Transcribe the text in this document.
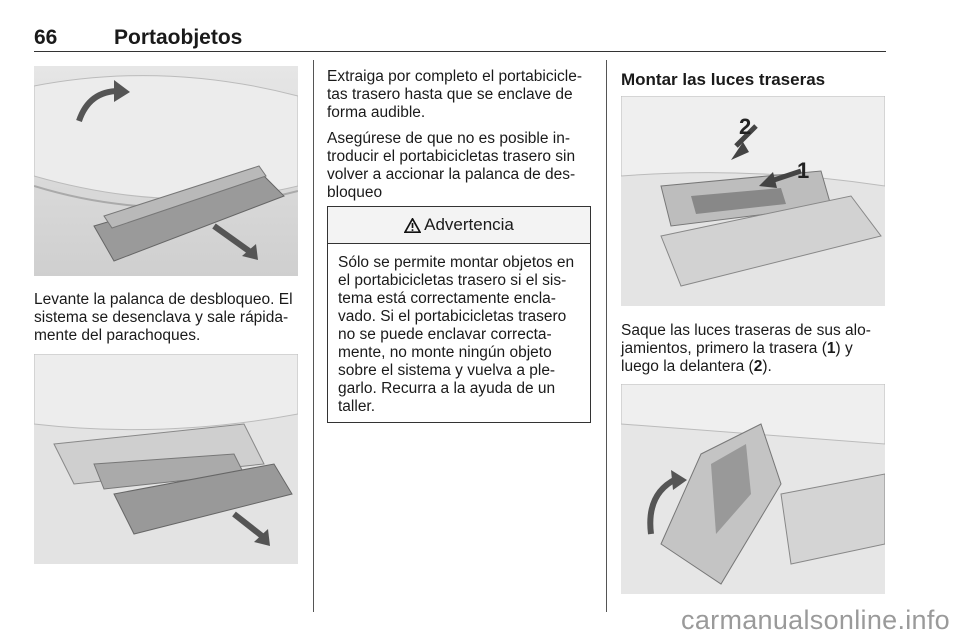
66	Portaobjetos

Levante la palanca de desbloqueo. El sistema se desenclava y sale rápida-mente del parachoques.

Extraiga por completo el portabicicle-tas trasero hasta que se enclave de forma audible.

Asegúrese de que no es posible in-troducir el portabicicletas trasero sin volver a accionar la palanca de des-bloqueo

Advertencia
Sólo se permite montar objetos en el portabicicletas trasero si el sis-tema está correctamente encla-vado. Si el portabicicletas trasero no se puede enclavar correcta-mente, no monte ningún objeto sobre el sistema y vuelva a ple-garlo. Recurra a la ayuda de un taller.
Montar las luces traseras
2
1

Saque las luces traseras de sus alo-jamientos, primero la trasera (1) y luego la delantera (2).

carmanualsonline.info
